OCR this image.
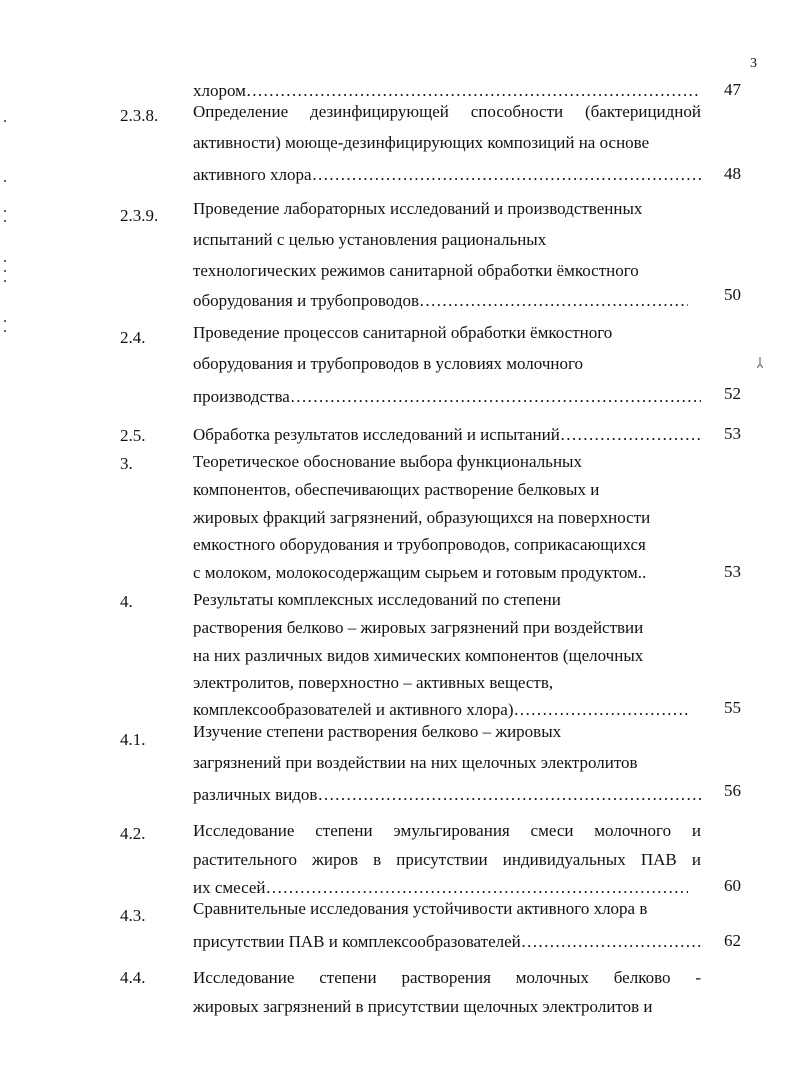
3
хлором ………………………………………………………………………………………………………………………………	47
2.3.8. Определение дезинфицирующей способности (бактерицидной
активности) моюще-дезинфицирующих композиций на основе
активного хлора ………………………………………………………………………………………………………………………………	48
2.3.9. Проведение лабораторных исследований и производственных
испытаний с целью установления рациональных
технологических режимов санитарной обработки ёмкостного
оборудования и трубопроводов ………………………………………………………………………………………………………………………………	50
2.4.	Проведение процессов санитарной обработки ёмкостного
оборудования и трубопроводов в условиях молочного
производства ………………………………………………………………………………………………………………………………	52
2.5.	Обработка результатов исследований и испытаний ………………………………………………………………………………………………………………………………	53
3.	Теоретическое обоснование выбора функциональных
компонентов, обеспечивающих растворение белковых и
жировых фракций загрязнений, образующихся на поверхности
емкостного оборудования и трубопроводов, соприкасающихся
с молоком, молокосодержащим сырьем и готовым продуктом..	53
4.	Результаты комплексных исследований по степени
растворения белково – жировых загрязнений при воздействии
на них различных видов химических компонентов (щелочных
электролитов, поверхностно – активных веществ,
комплексообразователей и активного хлора) ………………………………………………………………………………………………………………………………	55
4.1.	Изучение степени растворения белково – жировых
загрязнений при воздействии на них щелочных электролитов
различных видов ………………………………………………………………………………………………………………………………	56
4.2.	Исследование степени эмульгирования смеси молочного и
растительного жиров в присутствии индивидуальных ПАВ и
их смесей ………………………………………………………………………………………………………………………………	60
4.3.	Сравнительные исследования устойчивости активного хлора в
присутствии ПАВ и комплексообразователей ………………………………………………………………………………………………………………………………	62
4.4.	Исследование степени растворения молочных белково -
жировых загрязнений в присутствии щелочных электролитов и
